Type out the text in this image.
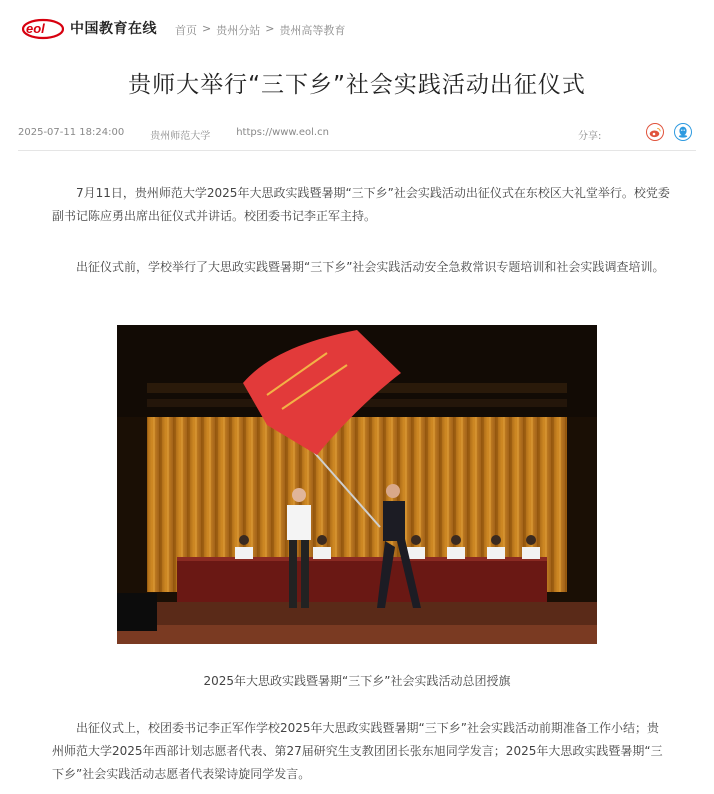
eol 中国教育在线 首页 > 贵州分站 > 贵州高等教育
贵师大举行“三下乡”社会实践活动出征仪式
2025-07-11 18:24:00	贵州师范大学	https://www.eol.cn	分享:

7月11日，贵州师范大学2025年大思政实践暨暑期“三下乡”社会实践活动出征仪式在东校区大礼堂举行。校党委副书记陈应勇出席出征仪式并讲话。校团委书记李正军主持。

出征仪式前，学校举行了大思政实践暨暑期“三下乡”社会实践活动安全急救常识专题培训和社会实践调查培训。

2025年大思政实践暨暑期“三下乡”社会实践活动总团授旗

出征仪式上，校团委书记李正军作学校2025年大思政实践暨暑期“三下乡”社会实践活动前期准备工作小结；贵州师范大学2025年西部计划志愿者代表、第27届研究生支教团团长张东旭同学发言；2025年大思政实践暨暑期“三下乡”社会实践活动志愿者代表梁诗旋同学发言。
